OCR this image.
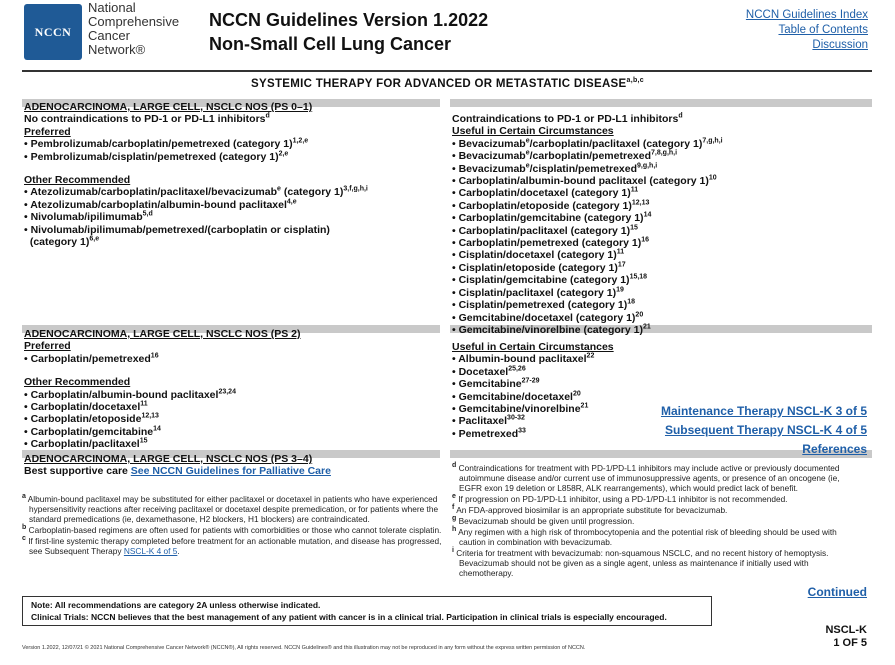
NCCN
National
Comprehensive
Cancer
Network®
NCCN Guidelines Version 1.2022
Non-Small Cell Lung Cancer
NCCN Guidelines Index
Table of Contents
Discussion
SYSTEMIC THERAPY FOR ADVANCED OR METASTATIC DISEASE$^{a,b,c}$
ADENOCARCINOMA, LARGE CELL, NSCLC NOS (PS 0–1)
No contraindications to PD-1 or PD-L1 inhibitors$^d$
Preferred
• Pembrolizumab/carboplatin/pemetrexed (category 1)$^{1,2,e}$
• Pembrolizumab/cisplatin/pemetrexed (category 1)$^{2,e}$
Other Recommended
• Atezolizumab/carboplatin/paclitaxel/bevacizumab$^e$ (category 1)$^{3,f,g,h,i}$
• Atezolizumab/carboplatin/albumin-bound paclitaxel$^{4,e}$
• Nivolumab/ipilimumab$^{5,d}$
• Nivolumab/ipilimumab/pemetrexed/(carboplatin or cisplatin)
(category 1)$^{6,e}$
ADENOCARCINOMA, LARGE CELL, NSCLC NOS (PS 2)
Preferred
• Carboplatin/pemetrexed$^{16}$
Other Recommended
• Carboplatin/albumin-bound paclitaxel$^{23,24}$
• Carboplatin/docetaxel$^{11}$
• Carboplatin/etoposide$^{12,13}$
• Carboplatin/gemcitabine$^{14}$
• Carboplatin/paclitaxel$^{15}$
ADENOCARCINOMA, LARGE CELL, NSCLC NOS (PS 3–4)
Best supportive care See NCCN Guidelines for Palliative Care
Contraindications to PD-1 or PD-L1 inhibitors$^d$
Useful in Certain Circumstances
• Bevacizumab$^e$/carboplatin/paclitaxel (category 1)$^{7,g,h,i}$
• Bevacizumab$^e$/carboplatin/pemetrexed$^{7,8,g,h,i}$
• Bevacizumab$^e$/cisplatin/pemetrexed$^{9,g,h,i}$
• Carboplatin/albumin-bound paclitaxel (category 1)$^{10}$
• Carboplatin/docetaxel (category 1)$^{11}$
• Carboplatin/etoposide (category 1)$^{12,13}$
• Carboplatin/gemcitabine (category 1)$^{14}$
• Carboplatin/paclitaxel (category 1)$^{15}$
• Carboplatin/pemetrexed (category 1)$^{16}$
• Cisplatin/docetaxel (category 1)$^{11}$
• Cisplatin/etoposide (category 1)$^{17}$
• Cisplatin/gemcitabine (category 1)$^{15,18}$
• Cisplatin/paclitaxel (category 1)$^{19}$
• Cisplatin/pemetrexed (category 1)$^{18}$
• Gemcitabine/docetaxel (category 1)$^{20}$
• Gemcitabine/vinorelbine (category 1)$^{21}$
Useful in Certain Circumstances
• Albumin-bound paclitaxel$^{22}$
• Docetaxel$^{25,26}$
• Gemcitabine$^{27-29}$
• Gemcitabine/docetaxel$^{20}$
• Gemcitabine/vinorelbine$^{21}$
• Paclitaxel$^{30-32}$
• Pemetrexed$^{33}$
Maintenance Therapy NSCL-K 3 of 5
Subsequent Therapy NSCL-K 4 of 5
References

$^a$ Albumin-bound paclitaxel may be substituted for either paclitaxel or docetaxel in patients who have experienced hypersensitivity reactions after receiving paclitaxel or docetaxel despite premedication, or for patients where the standard premedications (ie, dexamethasone, H2 blockers, H1 blockers) are contraindicated.

$^b$ Carboplatin-based regimens are often used for patients with comorbidities or those who cannot tolerate cisplatin.

$^c$ If first-line systemic therapy completed before treatment for an actionable mutation, and disease has progressed, see Subsequent Therapy NSCL-K 4 of 5.

$^d$ Contraindications for treatment with PD-1/PD-L1 inhibitors may include active or previously documented autoimmune disease and/or current use of immunosuppressive agents, or presence of an oncogene (ie, EGFR exon 19 deletion or L858R, ALK rearrangements), which would predict lack of benefit.

$^e$ If progression on PD-1/PD-L1 inhibitor, using a PD-1/PD-L1 inhibitor is not recommended.

$^f$ An FDA-approved biosimilar is an appropriate substitute for bevacizumab.

$^g$ Bevacizumab should be given until progression.

$^h$ Any regimen with a high risk of thrombocytopenia and the potential risk of bleeding should be used with caution in combination with bevacizumab.

$^i$ Criteria for treatment with bevacizumab: non-squamous NSCLC, and no recent history of hemoptysis. Bevacizumab should not be given as a single agent, unless as maintenance if initially used with chemotherapy.

Continued
Note: All recommendations are category 2A unless otherwise indicated.
Clinical Trials: NCCN believes that the best management of any patient with cancer is in a clinical trial. Participation in clinical trials is especially encouraged.
NSCL-K
1 OF 5
Version 1.2022, 12/07/21 © 2021 National Comprehensive Cancer Network® (NCCN®), All rights reserved. NCCN Guidelines® and this illustration may not be reproduced in any form without the express written permission of NCCN.
